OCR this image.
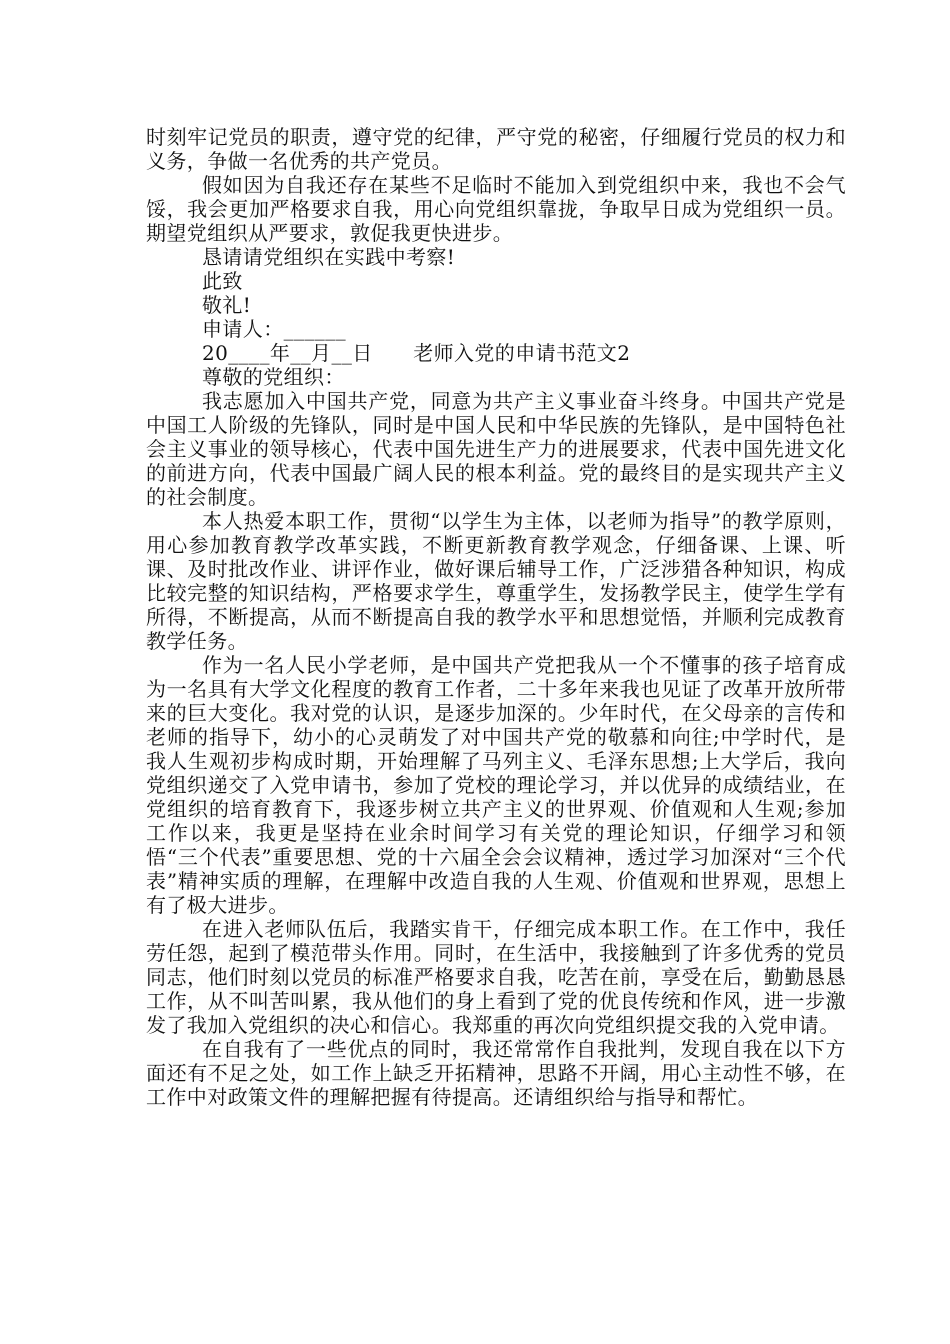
时刻牢记党员的职责，遵守党的纪律，严守党的秘密，仔细履行党员的权力和义务，争做一名优秀的共产党员。

假如因为自我还存在某些不足临时不能加入到党组织中来，我也不会气馁，我会更加严格要求自我，用心向党组织靠拢，争取早日成为党组织一员。期望党组织从严要求，敦促我更快进步。

恳请请党组织在实践中考察!

此致

敬礼!

申请人：______

20____年__月__日      老师入党的申请书范文2

尊敬的党组织：

我志愿加入中国共产党，同意为共产主义事业奋斗终身。中国共产党是中国工人阶级的先锋队，同时是中国人民和中华民族的先锋队，是中国特色社会主义事业的领导核心，代表中国先进生产力的进展要求，代表中国先进文化的前进方向，代表中国最广阔人民的根本利益。党的最终目的是实现共产主义的社会制度。

本人热爱本职工作，贯彻“以学生为主体，以老师为指导”的教学原则，用心参加教育教学改革实践，不断更新教育教学观念，仔细备课、上课、听课、及时批改作业、讲评作业，做好课后辅导工作，广泛涉猎各种知识，构成比较完整的知识结构，严格要求学生，尊重学生，发扬教学民主，使学生学有所得，不断提高，从而不断提高自我的教学水平和思想觉悟，并顺利完成教育教学任务。

作为一名人民小学老师，是中国共产党把我从一个不懂事的孩子培育成为一名具有大学文化程度的教育工作者，二十多年来我也见证了改革开放所带来的巨大变化。我对党的认识，是逐步加深的。少年时代，在父母亲的言传和老师的指导下，幼小的心灵萌发了对中国共产党的敬慕和向往;中学时代，是我人生观初步构成时期，开始理解了马列主义、毛泽东思想;上大学后，我向党组织递交了入党申请书，参加了党校的理论学习，并以优异的成绩结业，在党组织的培育教育下，我逐步树立共产主义的世界观、价值观和人生观;参加工作以来，我更是坚持在业余时间学习有关党的理论知识，仔细学习和领悟“三个代表”重要思想、党的十六届全会会议精神，透过学习加深对“三个代表”精神实质的理解，在理解中改造自我的人生观、价值观和世界观，思想上有了极大进步。

在进入老师队伍后，我踏实肯干，仔细完成本职工作。在工作中，我任劳任怨，起到了模范带头作用。同时，在生活中，我接触到了许多优秀的党员同志，他们时刻以党员的标准严格要求自我，吃苦在前，享受在后，勤勤恳恳工作，从不叫苦叫累，我从他们的身上看到了党的优良传统和作风，进一步激发了我加入党组织的决心和信心。我郑重的再次向党组织提交我的入党申请。

在自我有了一些优点的同时，我还常常作自我批判，发现自我在以下方面还有不足之处，如工作上缺乏开拓精神，思路不开阔，用心主动性不够，在工作中对政策文件的理解把握有待提高。还请组织给与指导和帮忙。
